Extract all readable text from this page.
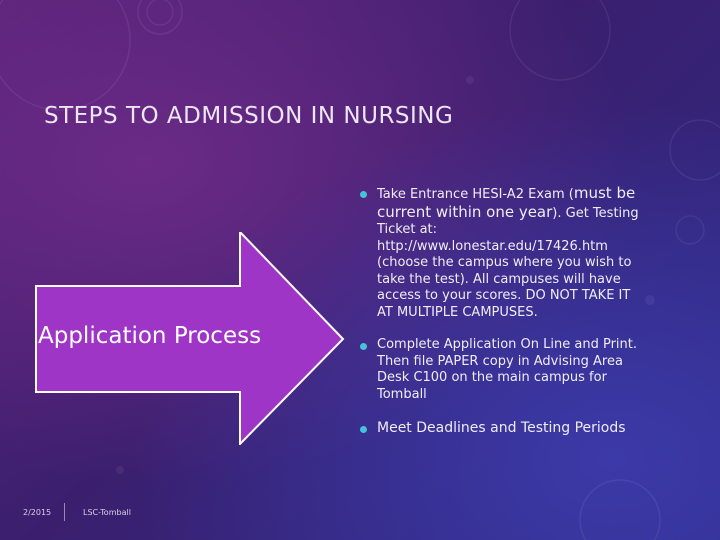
STEPS TO ADMISSION IN NURSING
Application Process
Take Entrance HESI-A2 Exam (must be current within one year). Get Testing Ticket at: http://www.lonestar.edu/17426.htm (choose the campus where you wish to take the test). All campuses will have access to your scores. DO NOT TAKE IT AT MULTIPLE CAMPUSES.
Complete Application On Line and Print. Then file PAPER copy in Advising Area Desk C100 on the main campus for Tomball
Meet Deadlines and Testing Periods
2/2015	LSC-Tomball
